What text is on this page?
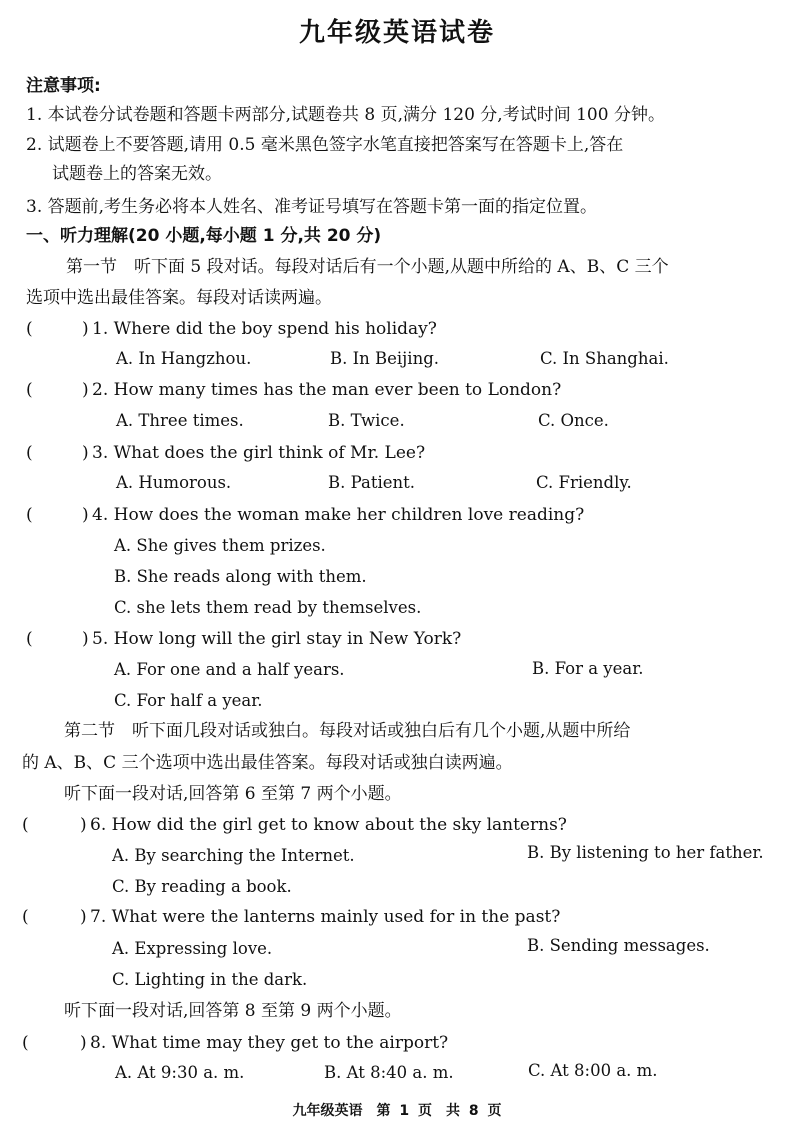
九年级英语试卷
注意事项:
1. 本试卷分试卷题和答题卡两部分,试题卷共 8 页,满分 120 分,考试时间 100 分钟。
2. 试题卷上不要答题,请用 0.5 毫米黑色签字水笔直接把答案写在答题卡上,答在
试题卷上的答案无效。
3. 答题前,考生务必将本人姓名、准考证号填写在答题卡第一面的指定位置。
一、听力理解(20 小题,每小题 1 分,共 20 分)
第一节　听下面 5 段对话。每段对话后有一个小题,从题中所给的 A、B、C 三个
选项中选出最佳答案。每段对话读两遍。
(	) 1. Where did the boy spend his holiday?
A. In Hangzhou.	B. In Beijing.	C. In Shanghai.
(	) 2. How many times has the man ever been to London?
A. Three times.	B. Twice.	C. Once.
(	) 3. What does the girl think of Mr. Lee?
A. Humorous.	B. Patient.	C. Friendly.
(	) 4. How does the woman make her children love reading?
A. She gives them prizes.
B. She reads along with them.
C. she lets them read by themselves.
(	) 5. How long will the girl stay in New York?
A. For one and a half years.	B. For a year.
C. For half a year.
第二节　听下面几段对话或独白。每段对话或独白后有几个小题,从题中所给
的 A、B、C 三个选项中选出最佳答案。每段对话或独白读两遍。
听下面一段对话,回答第 6 至第 7 两个小题。
(	) 6. How did the girl get to know about the sky lanterns?
A. By searching the Internet.	B. By listening to her father.
C. By reading a book.
(	) 7. What were the lanterns mainly used for in the past?
A. Expressing love.	B. Sending messages.
C. Lighting in the dark.
听下面一段对话,回答第 8 至第 9 两个小题。
(	) 8. What time may they get to the airport?
A. At 9:30 a. m.	B. At 8:40 a. m.	C. At 8:00 a. m.
九年级英语　第 1 页　共 8 页
